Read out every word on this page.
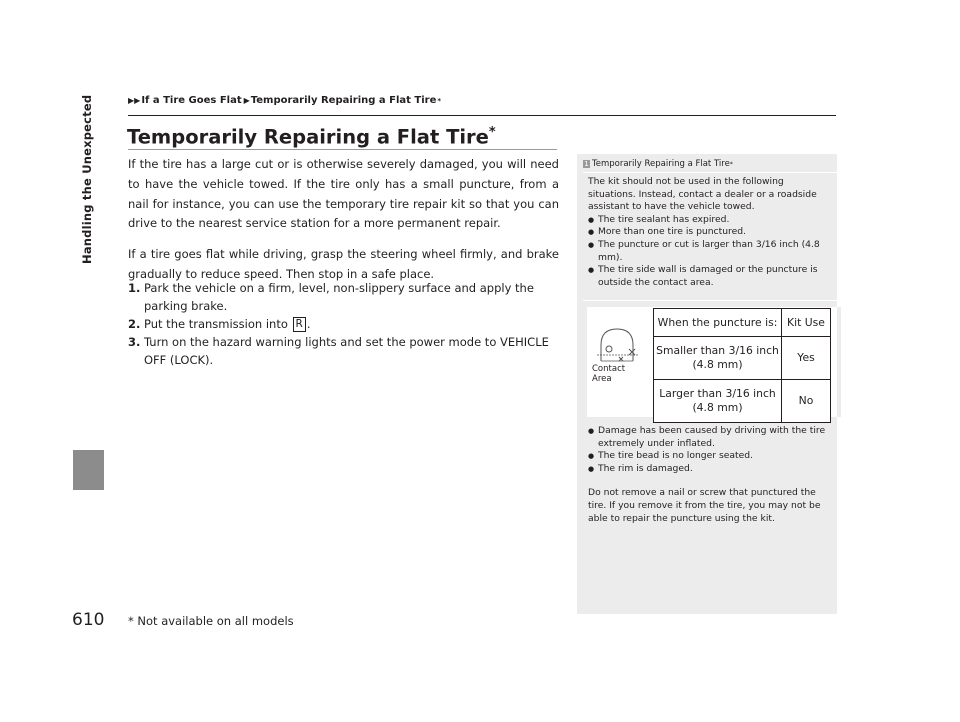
Handling the Unexpected
610
▶▶ If a Tire Goes Flat ▶ Temporarily Repairing a Flat Tire *
Temporarily Repairing a Flat Tire*

If the tire has a large cut or is otherwise severely damaged, you will need to have the vehicle towed. If the tire only has a small puncture, from a nail for instance, you can use the temporary tire repair kit so that you can drive to the nearest service station for a more permanent repair.

If a tire goes flat while driving, grasp the steering wheel firmly, and brake gradually to reduce speed. Then stop in a safe place.

1. Park the vehicle on a firm, level, non-slippery surface and apply the parking brake.
2. Put the transmission into R .
3. Turn on the hazard warning lights and set the power mode to VEHICLE OFF (LOCK).
* Not available on all models
1 Temporarily Repairing a Flat Tire *
The kit should not be used in the following situations. Instead, contact a dealer or a roadside assistant to have the vehicle towed.
● The tire sealant has expired.
● More than one tire is punctured.
● The puncture or cut is larger than 3/16 inch (4.8 mm).
● The tire side wall is damaged or the puncture is outside the contact area.
Contact Area
When the puncture is:	Kit Use
Smaller than 3/16 inch (4.8 mm)	Yes
Larger than 3/16 inch (4.8 mm)	No
● Damage has been caused by driving with the tire extremely under inflated.
● The tire bead is no longer seated.
● The rim is damaged.
Do not remove a nail or screw that punctured the tire. If you remove it from the tire, you may not be able to repair the puncture using the kit.
